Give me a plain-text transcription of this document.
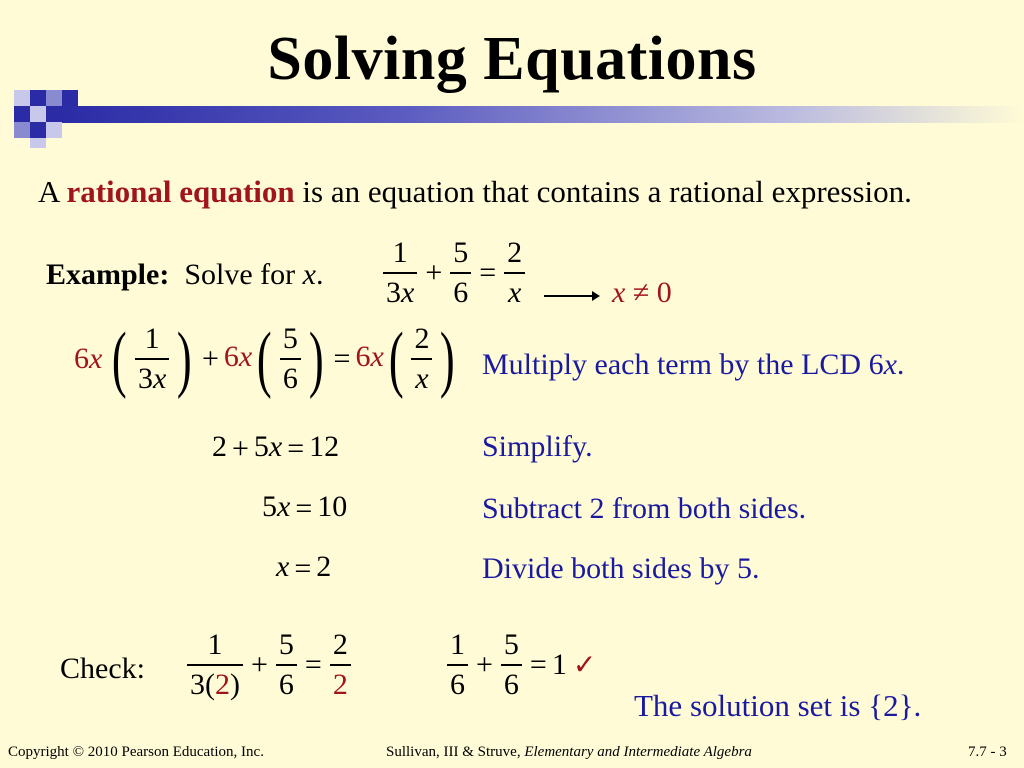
Solving Equations
A rational equation is an equation that contains a rational expression.
Example: Solve for x. $\frac{1}{3x} + \frac{5}{6} = \frac{2}{x}$	x ≠ 0
6x ( $\frac{1}{3x}$ ) + $6x( \frac{5}{6}$ ) = $6x( \frac{2}{x}$ ) Multiply each term by the LCD 6x.
2 + 5x = 12	Simplify.
5x = 10	Subtract 2 from both sides.
x = 2	Divide both sides by 5.
Check: $\frac{1}{3(2)} + \frac{5}{6} = \frac{2}{2}$	$\frac{1}{6} + \frac{5}{6} = 1$ ✓
The solution set is {2}.
Copyright © 2010 Pearson Education, Inc.	Sullivan, III & Struve, Elementary and Intermediate Algebra	7.7 - 3
